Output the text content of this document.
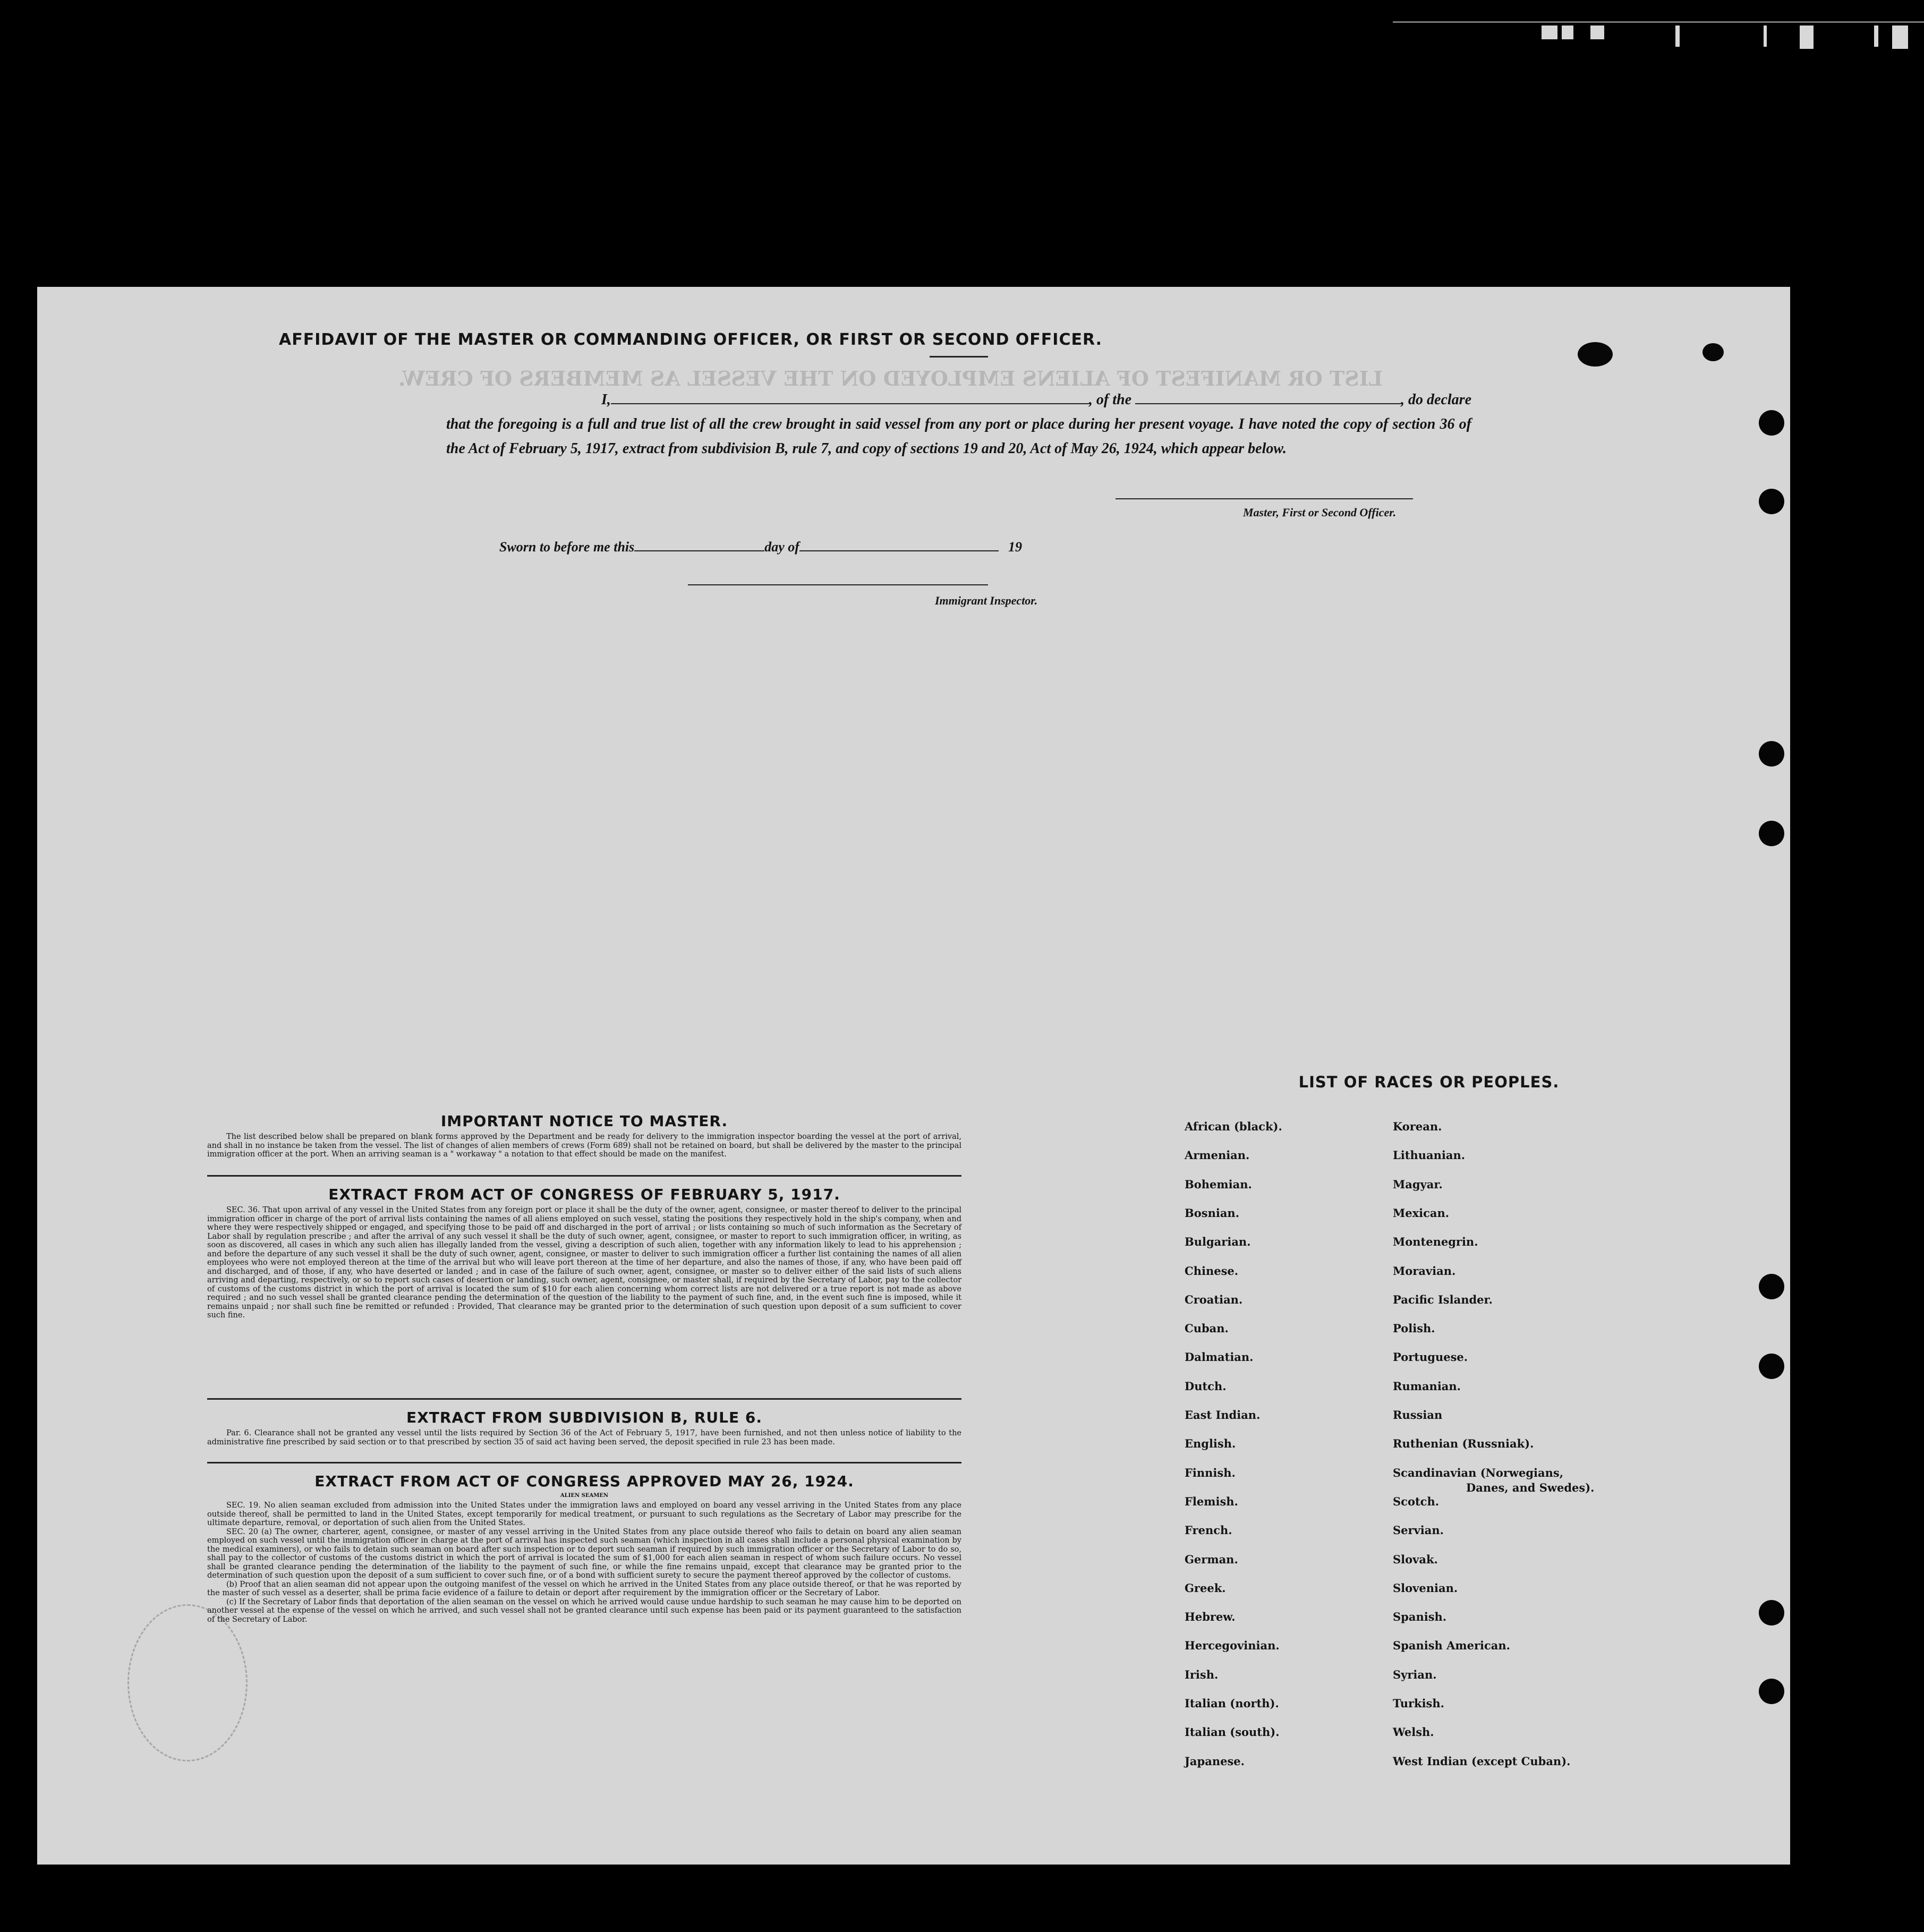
LIST OR MANIFEST OF ALIENS EMPLOYED ON THE VESSEL AS MEMBERS OF CREW.
AFFIDAVIT OF THE MASTER OR COMMANDING OFFICER, OR FIRST OR SECOND OFFICER.
I,	, of the	, do declare
that the foregoing is a full and true list of all the crew brought in said vessel from any port or place during her present voyage. I have noted the copy of section 36 of the Act of February 5, 1917, extract from subdivision B, rule 7, and copy of sections 19 and 20, Act of May 26, 1924, which appear below.
Master, First or Second Officer.
Sworn to before me this	day of	19
Immigrant Inspector.
IMPORTANT NOTICE TO MASTER.

The list described below shall be prepared on blank forms approved by the Department and be ready for delivery to the immigration inspector boarding the vessel at the port of arrival, and shall in no instance be taken from the vessel. The list of changes of alien members of crews (Form 689) shall not be retained on board, but shall be delivered by the master to the principal immigration officer at the port. When an arriving seaman is a " workaway " a notation to that effect should be made on the manifest.

EXTRACT FROM ACT OF CONGRESS OF FEBRUARY 5, 1917.

SEC. 36. That upon arrival of any vessel in the United States from any foreign port or place it shall be the duty of the owner, agent, consignee, or master thereof to deliver to the principal immigration officer in charge of the port of arrival lists containing the names of all aliens employed on such vessel, stating the positions they respectively hold in the ship's company, when and where they were respectively shipped or engaged, and specifying those to be paid off and discharged in the port of arrival ; or lists containing so much of such information as the Secretary of Labor shall by regulation prescribe ; and after the arrival of any such vessel it shall be the duty of such owner, agent, consignee, or master to report to such immigration officer, in writing, as soon as discovered, all cases in which any such alien has illegally landed from the vessel, giving a description of such alien, together with any information likely to lead to his apprehension ; and before the departure of any such vessel it shall be the duty of such owner, agent, consignee, or master to deliver to such immigration officer a further list containing the names of all alien employees who were not employed thereon at the time of the arrival but who will leave port thereon at the time of her departure, and also the names of those, if any, who have been paid off and discharged, and of those, if any, who have deserted or landed ; and in case of the failure of such owner, agent, consignee, or master so to deliver either of the said lists of such aliens arriving and departing, respectively, or so to report such cases of desertion or landing, such owner, agent, consignee, or master shall, if required by the Secretary of Labor, pay to the collector of customs of the customs district in which the port of arrival is located the sum of $10 for each alien concerning whom correct lists are not delivered or a true report is not made as above required ; and no such vessel shall be granted clearance pending the determination of the question of the liability to the payment of such fine, and, in the event such fine is imposed, while it remains unpaid ; nor shall such fine be remitted or refunded : Provided, That clearance may be granted prior to the determination of such question upon deposit of a sum sufficient to cover such fine.

EXTRACT FROM SUBDIVISION B, RULE 6.

Par. 6. Clearance shall not be granted any vessel until the lists required by Section 36 of the Act of February 5, 1917, have been furnished, and not then unless notice of liability to the administrative fine prescribed by said section or to that prescribed by section 35 of said act having been served, the deposit specified in rule 23 has been made.

EXTRACT FROM ACT OF CONGRESS APPROVED MAY 26, 1924.
ALIEN SEAMEN

SEC. 19. No alien seaman excluded from admission into the United States under the immigration laws and employed on board any vessel arriving in the United States from any place outside thereof, shall be permitted to land in the United States, except temporarily for medical treatment, or pursuant to such regulations as the Secretary of Labor may prescribe for the ultimate departure, removal, or deportation of such alien from the United States.

SEC. 20 (a) The owner, charterer, agent, consignee, or master of any vessel arriving in the United States from any place outside thereof who fails to detain on board any alien seaman employed on such vessel until the immigration officer in charge at the port of arrival has inspected such seaman (which inspection in all cases shall include a personal physical examination by the medical examiners), or who fails to detain such seaman on board after such inspection or to deport such seaman if required by such immigration officer or the Secretary of Labor to do so, shall pay to the collector of customs of the customs district in which the port of arrival is located the sum of $1,000 for each alien seaman in respect of whom such failure occurs. No vessel shall be granted clearance pending the determination of the liability to the payment of such fine, or while the fine remains unpaid, except that clearance may be granted prior to the determination of such question upon the deposit of a sum sufficient to cover such fine, or of a bond with sufficient surety to secure the payment thereof approved by the collector of customs.

(b) Proof that an alien seaman did not appear upon the outgoing manifest of the vessel on which he arrived in the United States from any place outside thereof, or that he was reported by the master of such vessel as a deserter, shall be prima facie evidence of a failure to detain or deport after requirement by the immigration officer or the Secretary of Labor.

(c) If the Secretary of Labor finds that deportation of the alien seaman on the vessel on which he arrived would cause undue hardship to such seaman he may cause him to be deported on another vessel at the expense of the vessel on which he arrived, and such vessel shall not be granted clearance until such expense has been paid or its payment guaranteed to the satisfaction of the Secretary of Labor.

LIST OF RACES OR PEOPLES.
African (black).
Armenian.
Bohemian.
Bosnian.
Bulgarian.
Chinese.
Croatian.
Cuban.
Dalmatian.
Dutch.
East Indian.
English.
Finnish.
Flemish.
French.
German.
Greek.
Hebrew.
Hercegovinian.
Irish.
Italian (north).
Italian (south).
Japanese.
Korean.
Lithuanian.
Magyar.
Mexican.
Montenegrin.
Moravian.
Pacific Islander.
Polish.
Portuguese.
Rumanian.
Russian
Ruthenian (Russniak).
Scandinavian (Norwegians,
Scotch.
Servian.
Slovak.
Slovenian.
Spanish.
Spanish American.
Syrian.
Turkish.
Welsh.
West Indian (except Cuban).
Danes, and Swedes).
